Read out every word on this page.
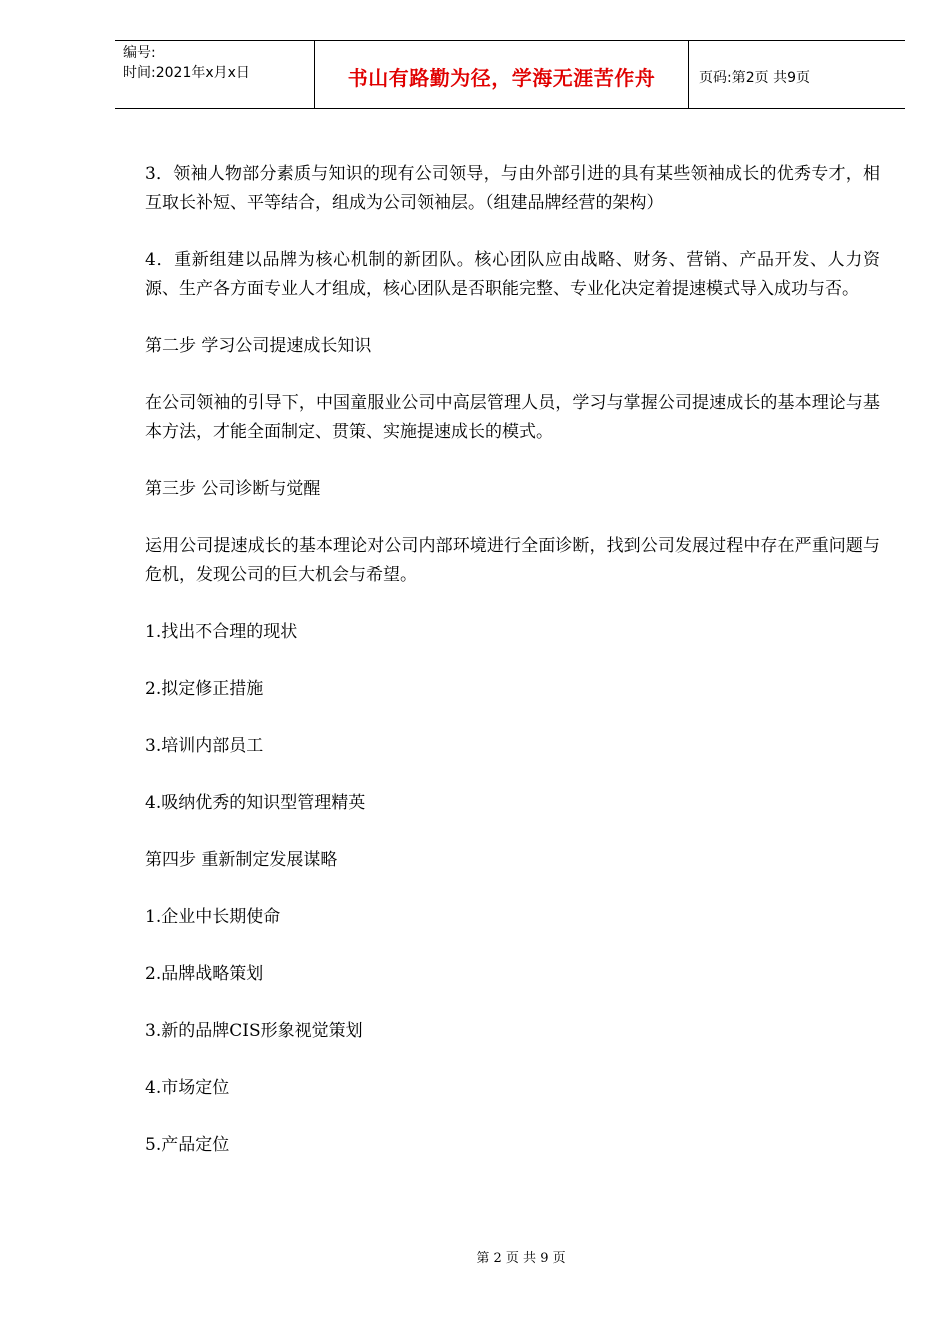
编号:
时间:2021年x月x日	书山有路勤为径，学海无涯苦作舟	页码:第2页 共9页

3．领袖人物部分素质与知识的现有公司领导，与由外部引进的具有某些领袖成长的优秀专才，相互取长补短、平等结合，组成为公司领袖层。（组建品牌经营的架构）

4．重新组建以品牌为核心机制的新团队。核心团队应由战略、财务、营销、产品开发、人力资源、生产各方面专业人才组成，核心团队是否职能完整、专业化决定着提速模式导入成功与否。

第二步 学习公司提速成长知识

在公司领袖的引导下，中国童服业公司中高层管理人员，学习与掌握公司提速成长的基本理论与基本方法，才能全面制定、贯策、实施提速成长的模式。

第三步 公司诊断与觉醒

运用公司提速成长的基本理论对公司内部环境进行全面诊断，找到公司发展过程中存在严重问题与危机，发现公司的巨大机会与希望。

1.找出不合理的现状

2.拟定修正措施

3.培训内部员工

4.吸纳优秀的知识型管理精英

第四步 重新制定发展谋略

1.企业中长期使命

2.品牌战略策划

3.新的品牌CIS形象视觉策划

4.市场定位

5.产品定位

第 2 页 共 9 页
